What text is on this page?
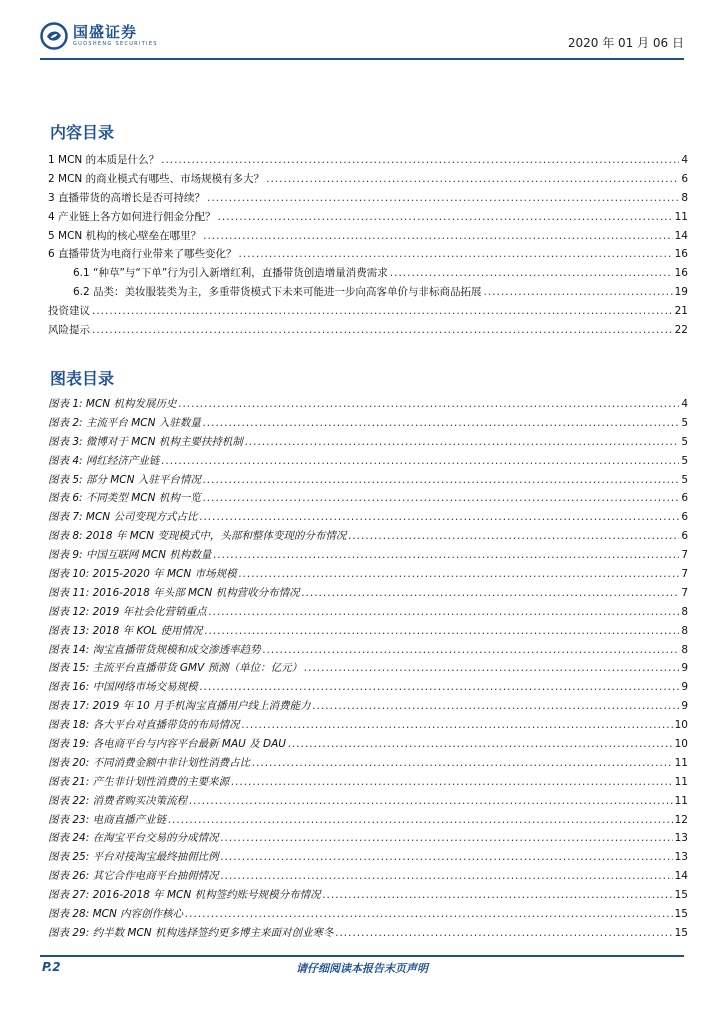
国盛证券
GUOSHENG SECURITIES	2020 年 01 月 06 日
内容目录
1 MCN 的本质是什么？ .....	4
2 MCN 的商业模式有哪些、市场规模有多大？ .....	6
3 直播带货的高增长是否可持续？ .....	8
4 产业链上各方如何进行佣金分配？ .....	11
5 MCN 机构的核心壁垒在哪里？ .....	14
6 直播带货为电商行业带来了哪些变化？ .....	16
6.1 “种草”与“下单”行为引入新增红利，直播带货创造增量消费需求 .....	16
6.2 品类：美妆服装类为主，多重带货模式下未来可能进一步向高客单价与非标商品拓展 .....	19
投资建议 .....	21
风险提示 .....	22
图表目录
图表 1: MCN 机构发展历史 .....	4
图表 2: 主流平台 MCN 入驻数量 .....	5
图表 3: 微博对于 MCN 机构主要扶持机制 .....	5
图表 4: 网红经济产业链 .....	5
图表 5: 部分 MCN 入驻平台情况 .....	5
图表 6: 不同类型 MCN 机构一览 .....	6
图表 7: MCN 公司变现方式占比 .....	6
图表 8: 2018 年 MCN 变现模式中，头部和整体变现的分布情况 .....	6
图表 9: 中国互联网 MCN 机构数量 .....	7
图表 10: 2015-2020 年 MCN 市场规模 .....	7
图表 11: 2016-2018 年头部 MCN 机构营收分布情况 .....	7
图表 12: 2019 年社会化营销重点 .....	8
图表 13: 2018 年 KOL 使用情况 .....	8
图表 14: 淘宝直播带货规模和成交渗透率趋势 .....	8
图表 15: 主流平台直播带货 GMV 预测（单位：亿元） .....	9
图表 16: 中国网络市场交易规模 .....	9
图表 17: 2019 年 10 月手机淘宝直播用户线上消费能力 .....	9
图表 18: 各大平台对直播带货的布局情况 .....	10
图表 19: 各电商平台与内容平台最新 MAU 及 DAU .....	10
图表 20: 不同消费金额中非计划性消费占比 .....	11
图表 21: 产生非计划性消费的主要来源 .....	11
图表 22: 消费者购买决策流程 .....	11
图表 23: 电商直播产业链 .....	12
图表 24: 在淘宝平台交易的分成情况 .....	13
图表 25: 平台对接淘宝最终抽佣比例 .....	13
图表 26: 其它合作电商平台抽佣情况 .....	14
图表 27: 2016-2018 年 MCN 机构签约账号规模分布情况 .....	15
图表 28: MCN 内容创作核心 .....	15
图表 29: 约半数 MCN 机构选择签约更多博主来面对创业寒冬 .....	15
P.2	请仔细阅读本报告末页声明
